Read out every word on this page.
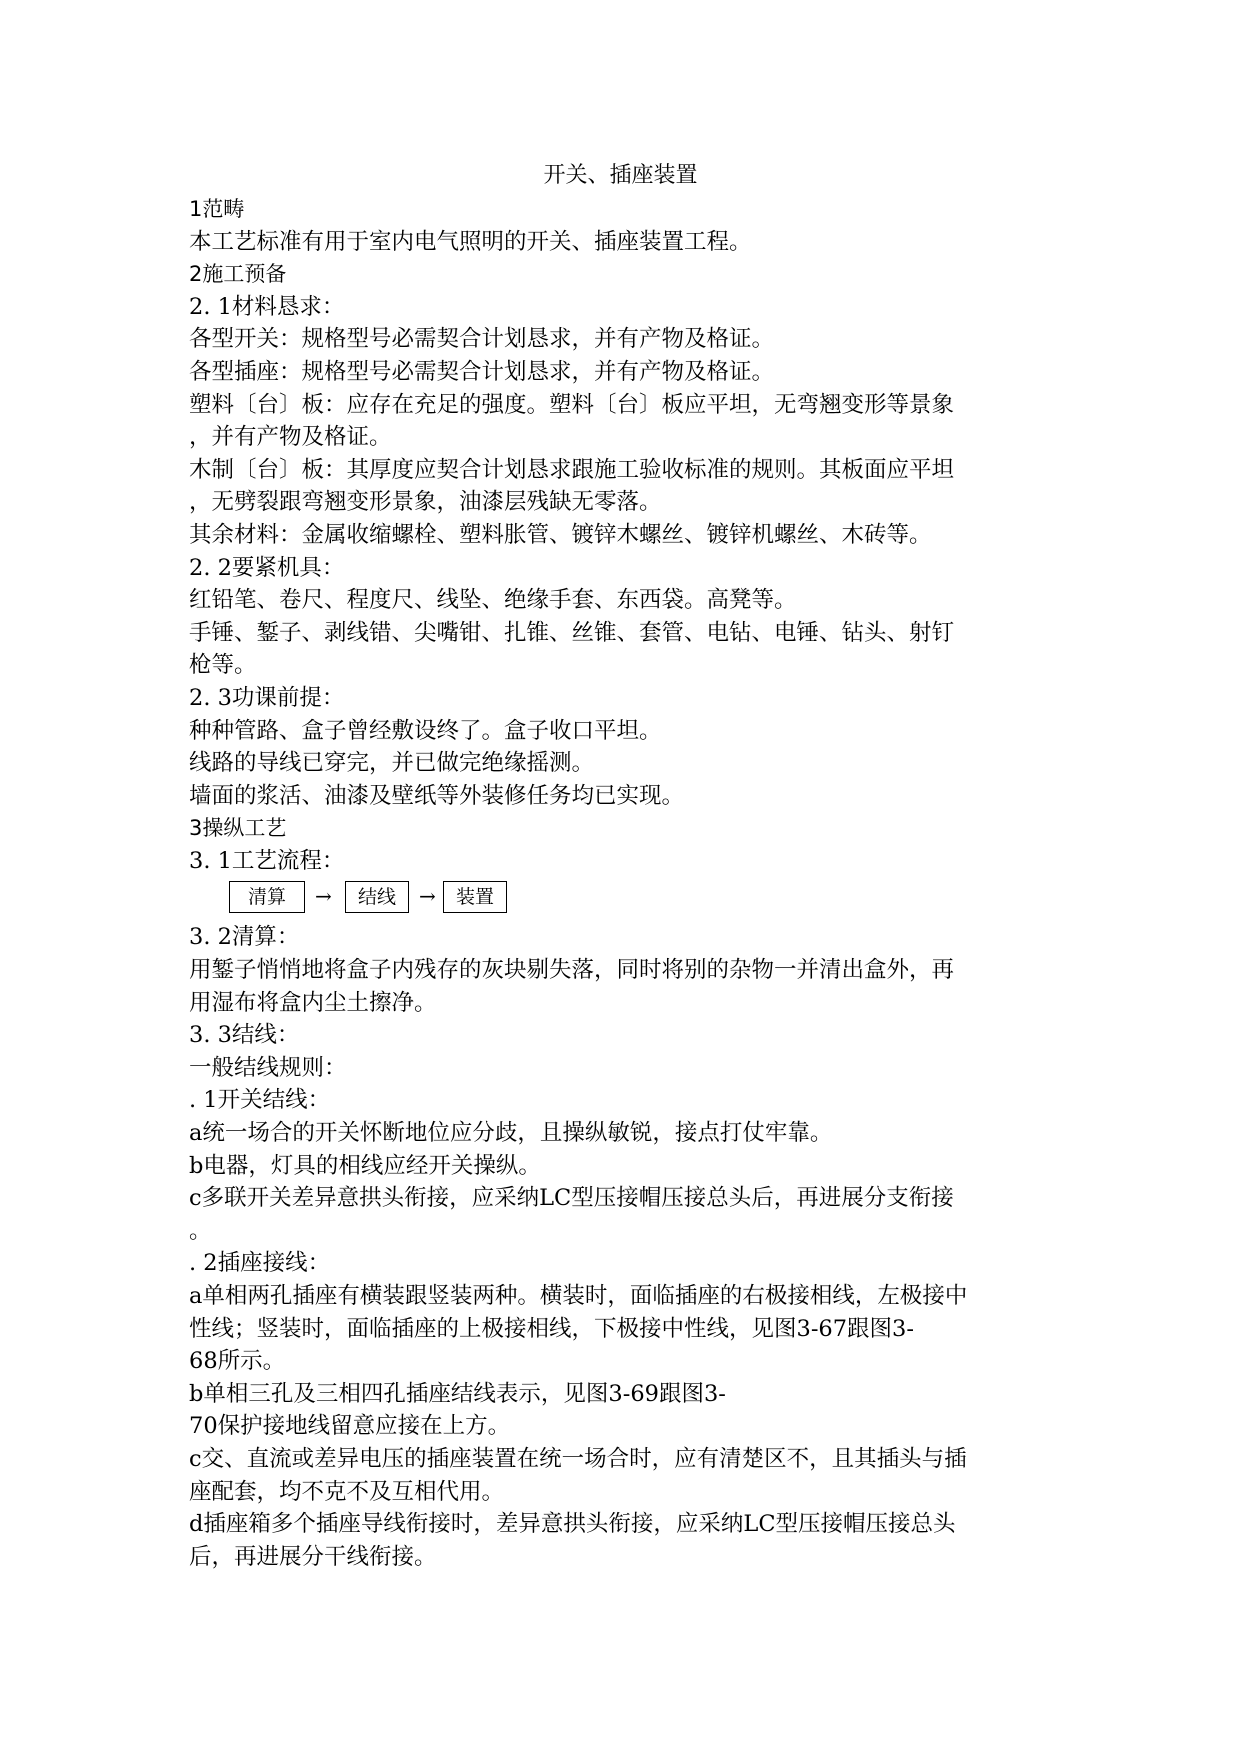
开关、插座装置
1范畴
本工艺标准有用于室内电气照明的开关、插座装置工程。
2施工预备
2. 1材料恳求：
各型开关：规格型号必需契合计划恳求，并有产物及格证。
各型插座：规格型号必需契合计划恳求，并有产物及格证。
塑料〔台〕板：应存在充足的强度。塑料〔台〕板应平坦，无弯翘变形等景象
，并有产物及格证。
木制〔台〕板：其厚度应契合计划恳求跟施工验收标准的规则。其板面应平坦
，无劈裂跟弯翘变形景象，油漆层残缺无零落。
其余材料：金属收缩螺栓、塑料胀管、镀锌木螺丝、镀锌机螺丝、木砖等。
2. 2要紧机具：
红铅笔、卷尺、程度尺、线坠、绝缘手套、东西袋。高凳等。
手锤、錾子、剥线错、尖嘴钳、扎锥、丝锥、套管、电钻、电锤、钻头、射钉
枪等。
2. 3功课前提：
种种管路、盒子曾经敷设终了。盒子收口平坦。
线路的导线已穿完，并已做完绝缘摇测。
墙面的浆活、油漆及壁纸等外装修任务均已实现。
3操纵工艺
3. 1工艺流程：
清算	→	结线	→	装置
3. 2清算：
用錾子悄悄地将盒子内残存的灰块剔失落，同时将别的杂物一并清出盒外，再
用湿布将盒内尘土擦净。
3. 3结线：
一般结线规则：
. 1开关结线：
a统一场合的开关怀断地位应分歧，且操纵敏锐，接点打仗牢靠。
b电器，灯具的相线应经开关操纵。
c多联开关差异意拱头衔接，应采纳LC型压接帽压接总头后，再进展分支衔接
。
. 2插座接线：
a单相两孔插座有横装跟竖装两种。横装时，面临插座的右极接相线，左极接中
性线；竖装时，面临插座的上极接相线，下极接中性线，见图3-67跟图3-
68所示。
b单相三孔及三相四孔插座结线表示，见图3-69跟图3-
70保护接地线留意应接在上方。
c交、直流或差异电压的插座装置在统一场合时，应有清楚区不，且其插头与插
座配套，均不克不及互相代用。
d插座箱多个插座导线衔接时，差异意拱头衔接，应采纳LC型压接帽压接总头
后，再进展分干线衔接。
